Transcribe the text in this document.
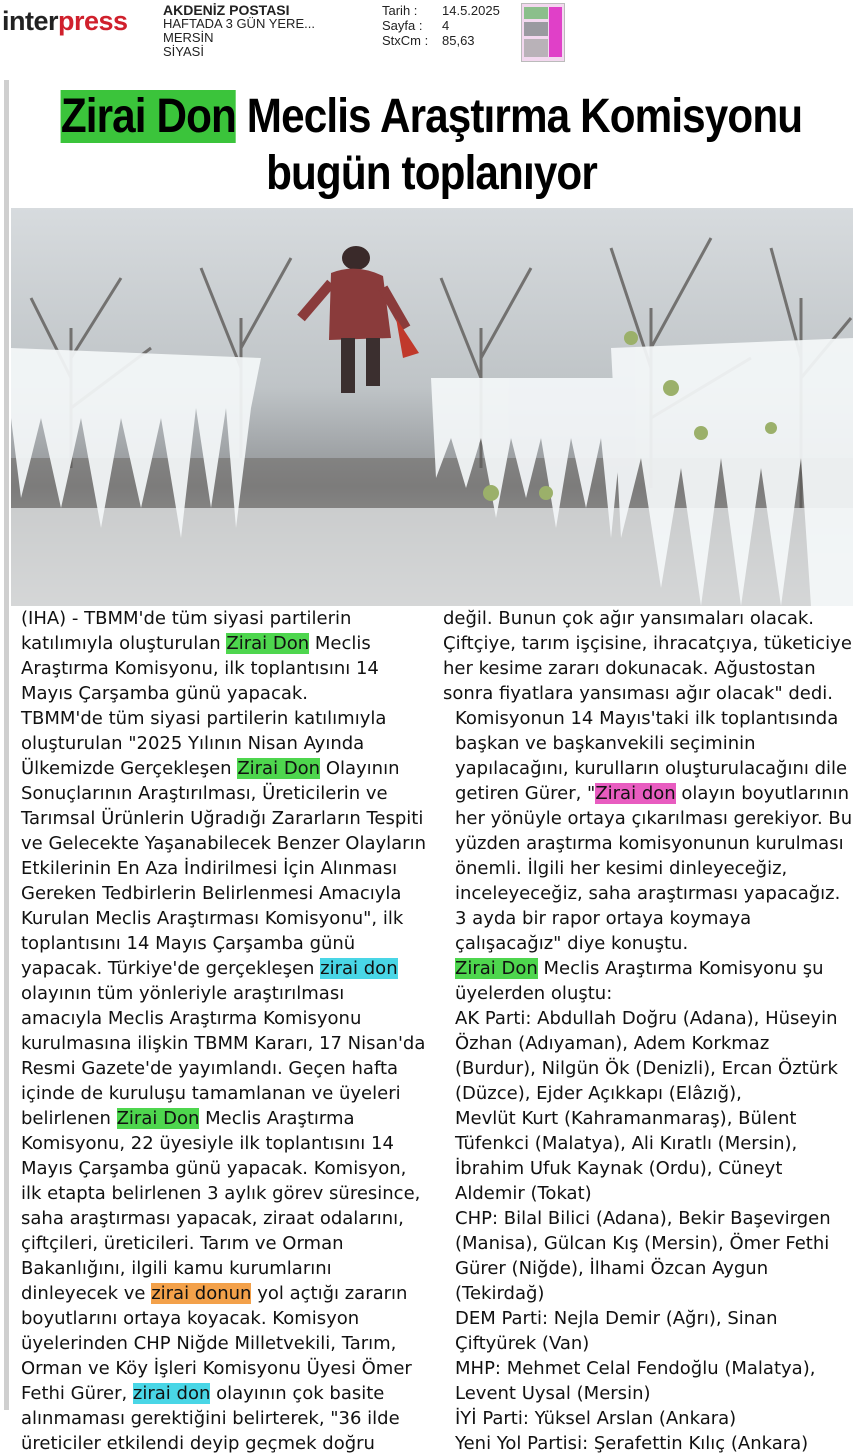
interpress	AKDENİZ POSTASI
HAFTADA 3 GÜN YERE...
MERSİN
SİYASİ
Tarih :	14.5.2025
Sayfa :	4
StxCm :	85,63
Zirai Don Meclis Araştırma Komisyonu bugün toplanıyor

(IHA) - TBMM'de tüm siyasi partilerin katılımıyla oluşturulan Zirai Don Meclis Araştırma Komisyonu, ilk toplantısını 14 Mayıs Çarşamba günü yapacak.

TBMM'de tüm siyasi partilerin katılımıyla oluşturulan "2025 Yılının Nisan Ayında Ülkemizde Gerçekleşen Zirai Don Olayının Sonuçlarının Araştırılması, Üreticilerin ve Tarımsal Ürünlerin Uğradığı Zararların Tespiti ve Gelecekte Yaşanabilecek Benzer Olayların Etkilerinin En Aza İndirilmesi İçin Alınması Gereken Tedbirlerin Belirlenmesi Amacıyla Kurulan Meclis Araştırması Komisyonu", ilk toplantısını 14 Mayıs Çarşamba günü yapacak. Türkiye'de gerçekleşen zirai don olayının tüm yönleriyle araştırılması amacıyla Meclis Araştırma Komisyonu kurulmasına ilişkin TBMM Kararı, 17 Nisan'da Resmi Gazete'de yayımlandı. Geçen hafta içinde de kuruluşu tamamlanan ve üyeleri belirlenen Zirai Don Meclis Araştırma Komisyonu, 22 üyesiyle ilk toplantısını 14 Mayıs Çarşamba günü yapacak. Komisyon, ilk etapta belirlenen 3 aylık görev süresince, saha araştırması yapacak, ziraat odalarını, çiftçileri, üreticileri. Tarım ve Orman Bakanlığını, ilgili kamu kurumlarını dinleyecek ve zirai donun yol açtığı zararın boyutlarını ortaya koyacak. Komisyon üyelerinden CHP Niğde Milletvekili, Tarım, Orman ve Köy İşleri Komisyonu Üyesi Ömer Fethi Gürer, zirai don olayının çok basite alınmaması gerektiğini belirterek, "36 ilde üreticiler etkilendi deyip geçmek doğru

değil. Bunun çok ağır yansımaları olacak. Çiftçiye, tarım işçisine, ihracatçıya, tüketiciye her kesime zararı dokunacak. Ağustostan sonra fiyatlara yansıması ağır olacak" dedi.

Komisyonun 14 Mayıs'taki ilk toplantısında başkan ve başkanvekili seçiminin yapılacağını, kurulların oluşturulacağını dile getiren Gürer, "Zirai don olayın boyutlarının her yönüyle ortaya çıkarılması gerekiyor. Bu yüzden araştırma komisyonunun kurulması önemli. İlgili her kesimi dinleyeceğiz, inceleyeceğiz, saha araştırması yapacağız. 3 ayda bir rapor ortaya koymaya çalışacağız" diye konuştu.

Zirai Don Meclis Araştırma Komisyonu şu üyelerden oluştu:

AK Parti: Abdullah Doğru (Adana), Hüseyin Özhan (Adıyaman), Adem Korkmaz (Burdur), Nilgün Ök (Denizli), Ercan Öztürk (Düzce), Ejder Açıkkapı (Elâzığ),

Mevlüt Kurt (Kahramanmaraş), Bülent Tüfenkci (Malatya), Ali Kıratlı (Mersin), İbrahim Ufuk Kaynak (Ordu), Cüneyt Aldemir (Tokat)

CHP: Bilal Bilici (Adana), Bekir Başevirgen (Manisa), Gülcan Kış (Mersin), Ömer Fethi Gürer (Niğde), İlhami Özcan Aygun (Tekirdağ)

DEM Parti: Nejla Demir (Ağrı), Sinan Çiftyürek (Van)

MHP: Mehmet Celal Fendoğlu (Malatya), Levent Uysal (Mersin)

İYİ Parti: Yüksel Arslan (Ankara)

Yeni Yol Partisi: Şerafettin Kılıç (Ankara)
